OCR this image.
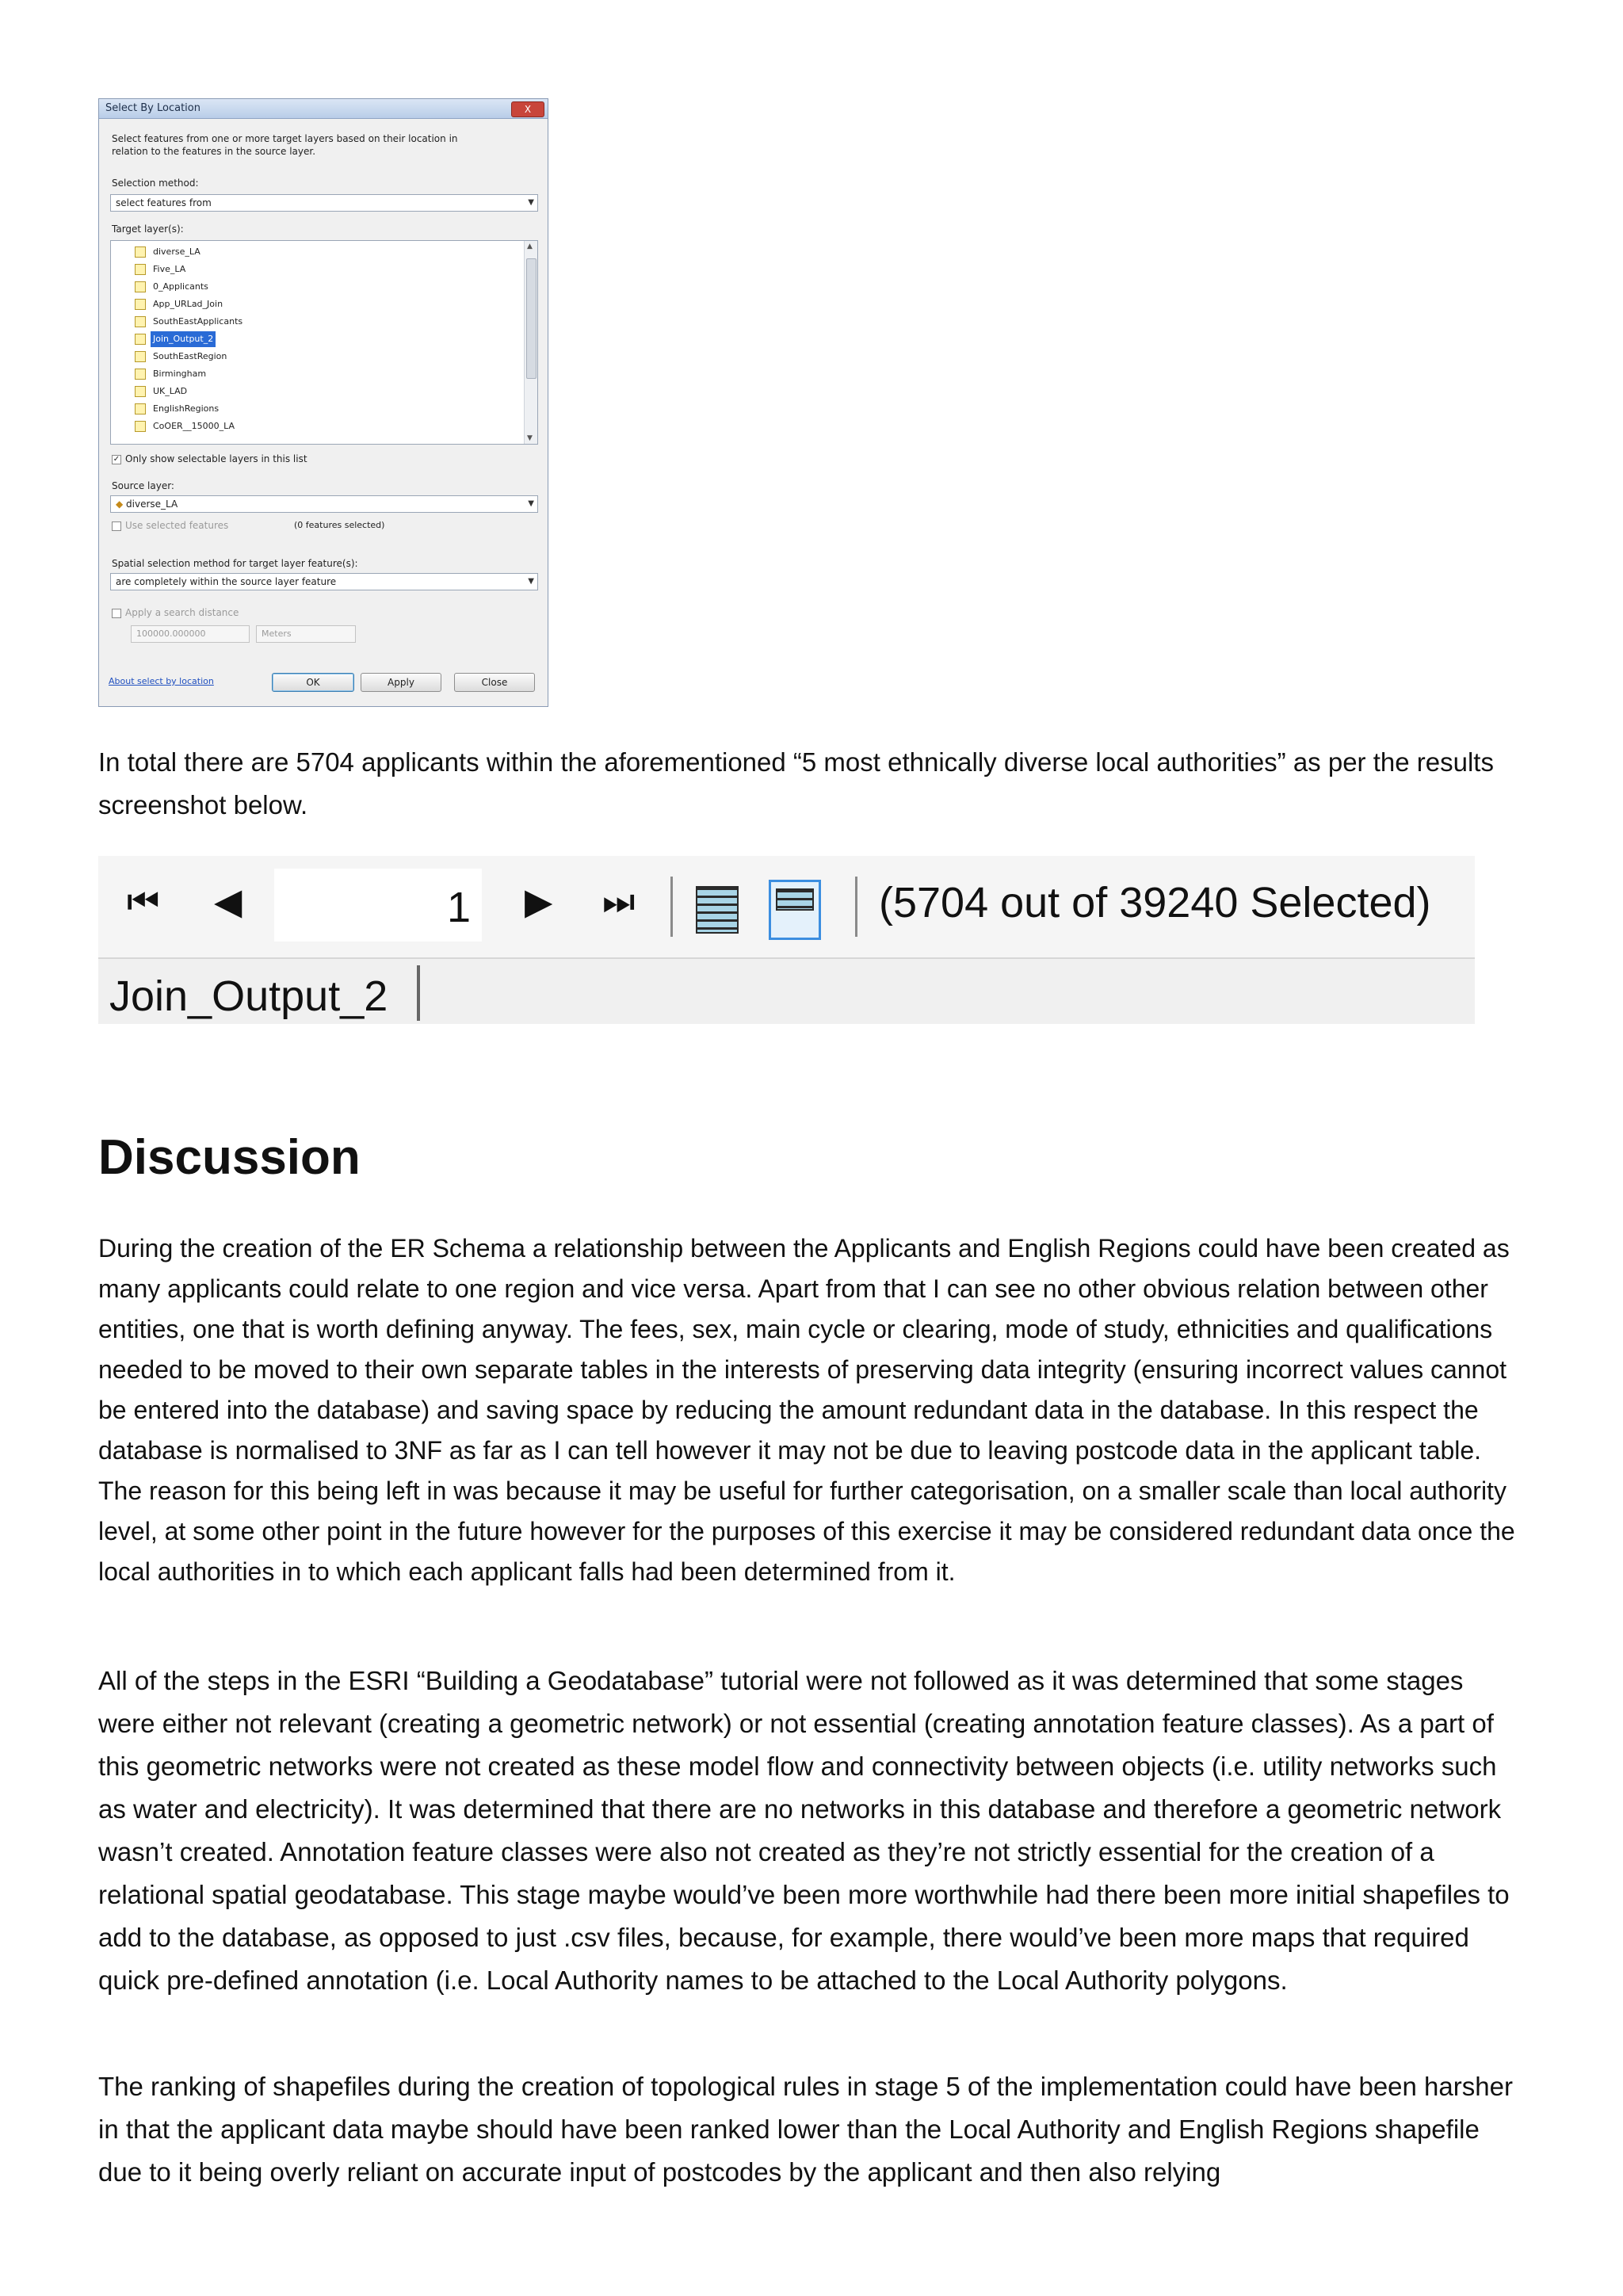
Select By Location	X
Select features from one or more target layers based on their location in
relation to the features in the source layer.
Selection method:
select features from	▼
Target layer(s):
diverse_LA
Five_LA
0_Applicants
App_URLad_Join
SouthEastApplicants
Join_Output_2
SouthEastRegion
Birmingham
UK_LAD
EnglishRegions
CoOER__15000_LA
▲
▼
✓ Only show selectable layers in this list
Source layer:
◆ diverse_LA	▼
Use selected features	(0 features selected)
Spatial selection method for target layer feature(s):
are completely within the source layer feature	▼
Apply a search distance
100000.000000	Meters
About select by location	OK	Apply	Close

In total there are 5704 applicants within the aforementioned “5 most ethnically diverse local authorities” as per the results screenshot below.

⏮ ◀	1 ▶ ⏭	(5704 out of 39240 Selected)
Join_Output_2
Discussion

During the creation of the ER Schema a relationship between the Applicants and English Regions could have been created as many applicants could relate to one region and vice versa. Apart from that I can see no other obvious relation between other entities, one that is worth defining anyway. The fees, sex, main cycle or clearing, mode of study, ethnicities and qualifications needed to be moved to their own separate tables in the interests of preserving data integrity (ensuring incorrect values cannot be entered into the database) and saving space by reducing the amount redundant data in the database. In this respect the database is normalised to 3NF as far as I can tell however it may not be due to leaving postcode data in the applicant table. The reason for this being left in was because it may be useful for further categorisation, on a smaller scale than local authority level, at some other point in the future however for the purposes of this exercise it may be considered redundant data once the local authorities in to which each applicant falls had been determined from it.

All of the steps in the ESRI “Building a Geodatabase” tutorial were not followed as it was determined that some stages were either not relevant (creating a geometric network) or not essential (creating annotation feature classes). As a part of this geometric networks were not created as these model flow and connectivity between objects (i.e. utility networks such as water and electricity). It was determined that there are no networks in this database and therefore a geometric network wasn’t created. Annotation feature classes were also not created as they’re not strictly essential for the creation of a relational spatial geodatabase. This stage maybe would’ve been more worthwhile had there been more initial shapefiles to add to the database, as opposed to just .csv files, because, for example, there would’ve been more maps that required quick pre-defined annotation (i.e. Local Authority names to be attached to the Local Authority polygons.

The ranking of shapefiles during the creation of topological rules in stage 5 of the implementation could have been harsher in that the applicant data maybe should have been ranked lower than the Local Authority and English Regions shapefile due to it being overly reliant on accurate input of postcodes by the applicant and then also relying
